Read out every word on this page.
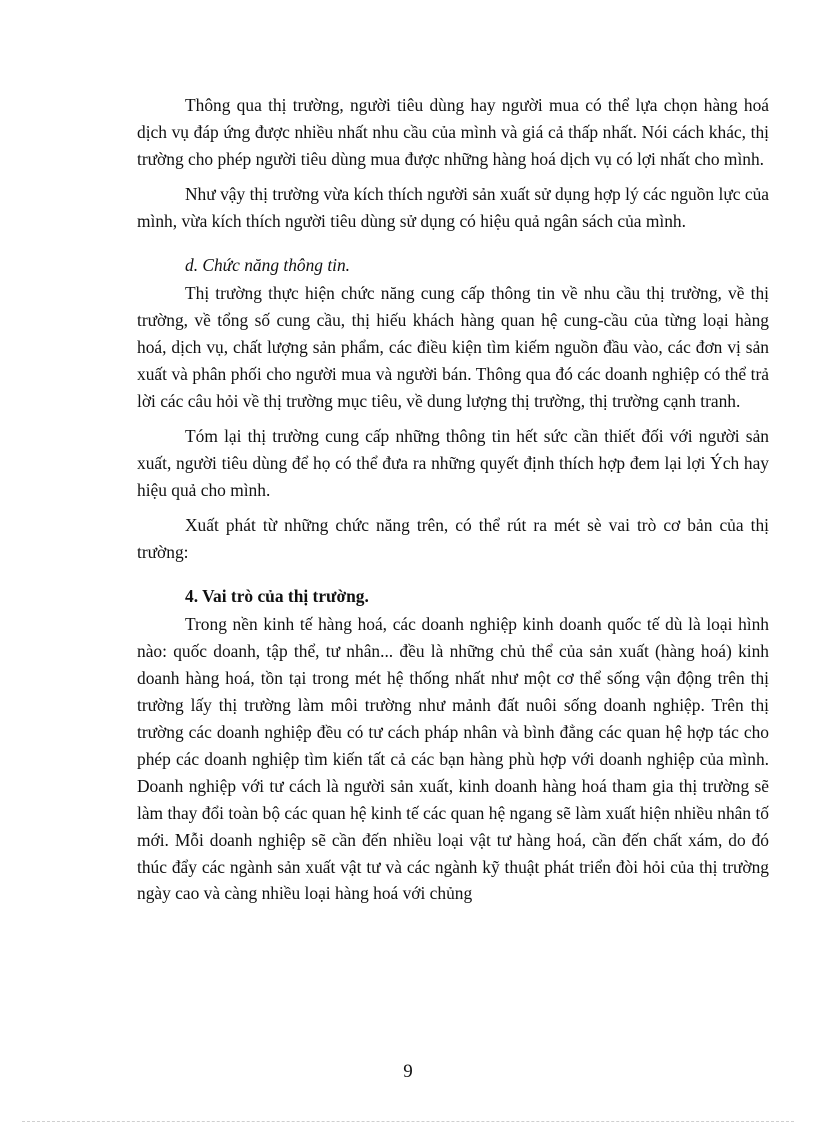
Thông qua thị trường, người tiêu dùng hay người mua có thể lựa chọn hàng hoá dịch vụ đáp ứng được nhiều nhất nhu cầu của mình và giá cả thấp nhất. Nói cách khác, thị trường cho phép người tiêu dùng mua được những hàng hoá dịch vụ có lợi nhất cho mình.

Như vậy thị trường vừa kích thích người sản xuất sử dụng hợp lý các nguồn lực của mình, vừa kích thích người tiêu dùng sử dụng có hiệu quả ngân sách của mình.

d. Chức năng thông tin.

Thị trường thực hiện chức năng cung cấp thông tin về nhu cầu thị trường, về thị trường, về tổng số cung cầu, thị hiếu khách hàng quan hệ cung-cầu của từng loại hàng hoá, dịch vụ, chất lượng sản phẩm, các điều kiện tìm kiếm nguồn đầu vào, các đơn vị sản xuất và phân phối cho người mua và người bán. Thông qua đó các doanh nghiệp có thể trả lời các câu hỏi về thị trường mục tiêu, về dung lượng thị trường, thị trường cạnh tranh.

Tóm lại thị trường cung cấp những thông tin hết sức cần thiết đối với người sản xuất, người tiêu dùng để họ có thể đưa ra những quyết định thích hợp đem lại lợi Ých hay hiệu quả cho mình.

Xuất phát từ những chức năng trên, có thể rút ra mét sè vai trò cơ bản của thị trường:

4. Vai trò của thị trường.

Trong nền kinh tế hàng hoá, các doanh nghiệp kinh doanh quốc tế dù là loại hình nào: quốc doanh, tập thể, tư nhân... đều là những chủ thể của sản xuất (hàng hoá) kinh doanh hàng hoá, tồn tại trong mét hệ thống nhất như một cơ thể sống vận động trên thị trường lấy thị trường làm môi trường như mảnh đất nuôi sống doanh nghiệp. Trên thị trường các doanh nghiệp đều có tư cách pháp nhân và bình đẳng các quan hệ hợp tác cho phép các doanh nghiệp tìm kiến tất cả các bạn hàng phù hợp với doanh nghiệp của mình. Doanh nghiệp với tư cách là người sản xuất, kinh doanh hàng hoá tham gia thị trường sẽ làm thay đổi toàn bộ các quan hệ kinh tế các quan hệ ngang sẽ làm xuất hiện nhiều nhân tố mới. Mỗi doanh nghiệp sẽ cần đến nhiều loại vật tư hàng hoá, cần đến chất xám, do đó thúc đẩy các ngành sản xuất vật tư và các ngành kỹ thuật phát triển đòi hỏi của thị trường ngày cao và càng nhiều loại hàng hoá với chủng

9
